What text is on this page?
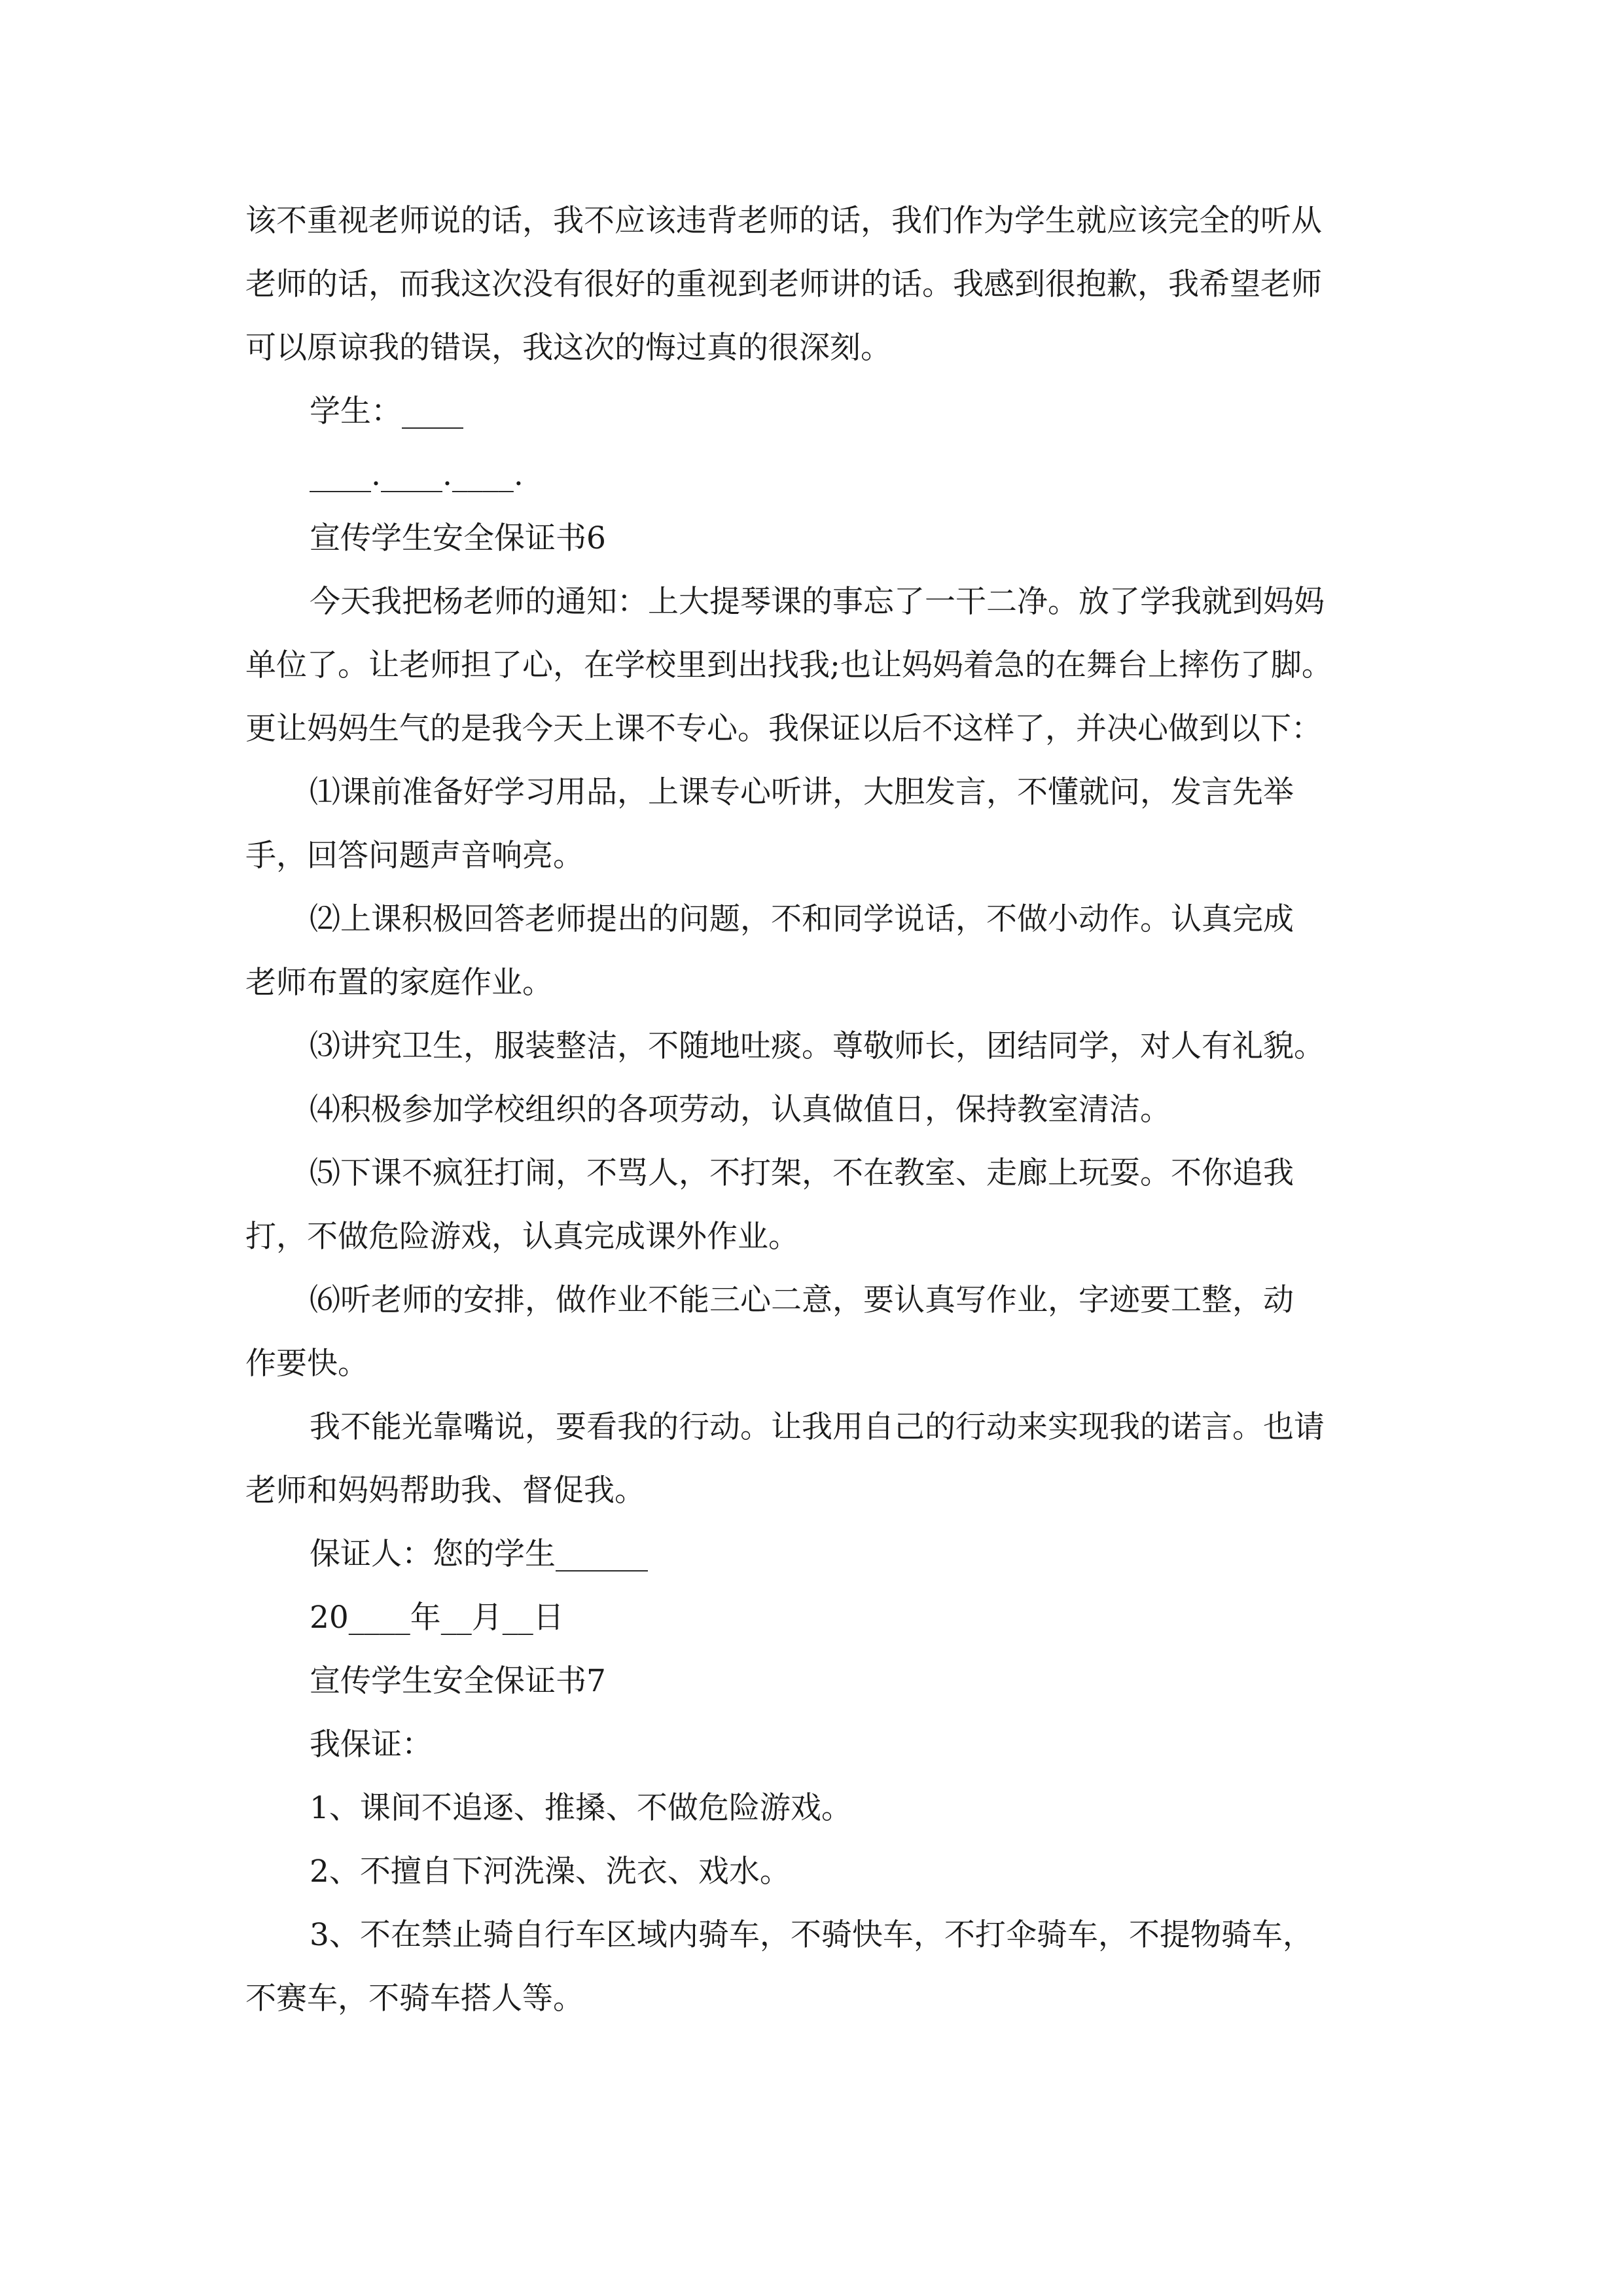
该不重视老师说的话，我不应该违背老师的话，我们作为学生就应该完全的听从
老师的话，而我这次没有很好的重视到老师讲的话。我感到很抱歉，我希望老师
可以原谅我的错误，我这次的悔过真的很深刻。
学生：____
____.____.____.
宣传学生安全保证书6
今天我把杨老师的通知：上大提琴课的事忘了一干二净。放了学我就到妈妈
单位了。让老师担了心，在学校里到出找我;也让妈妈着急的在舞台上摔伤了脚。
更让妈妈生气的是我今天上课不专心。我保证以后不这样了，并决心做到以下：
⑴课前准备好学习用品，上课专心听讲，大胆发言，不懂就问，发言先举
手，回答问题声音响亮。
⑵上课积极回答老师提出的问题，不和同学说话，不做小动作。认真完成
老师布置的家庭作业。
⑶讲究卫生，服装整洁，不随地吐痰。尊敬师长，团结同学，对人有礼貌。
⑷积极参加学校组织的各项劳动，认真做值日，保持教室清洁。
⑸下课不疯狂打闹，不骂人，不打架，不在教室、走廊上玩耍。不你追我
打，不做危险游戏，认真完成课外作业。
⑹听老师的安排，做作业不能三心二意，要认真写作业，字迹要工整，动
作要快。
我不能光靠嘴说，要看我的行动。让我用自己的行动来实现我的诺言。也请
老师和妈妈帮助我、督促我。
保证人：您的学生______
20____年__月__日
宣传学生安全保证书7
我保证：
1、课间不追逐、推搡、不做危险游戏。
2、不擅自下河洗澡、洗衣、戏水。
3、不在禁止骑自行车区域内骑车，不骑快车，不打伞骑车，不提物骑车，
不赛车，不骑车搭人等。
